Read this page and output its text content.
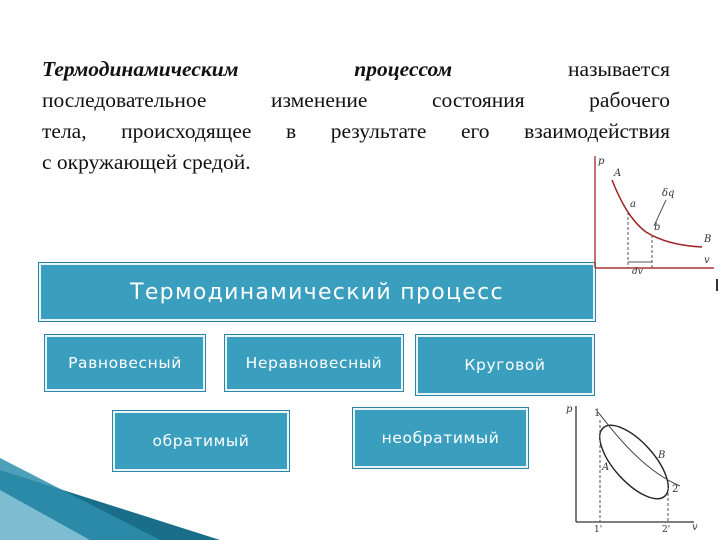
Термодинамическим	процессом	называется
последовательное изменение состояния рабочего
тела, происходящее в результате его взаимодействия
с окружающей средой.
Термодинамический процесс
Равновесный	Неравновесный	Круговой
обратимый	необратимый
p
v
A
B
a
b
δq
dv
p
v
1
2
A
B
1'	2'
